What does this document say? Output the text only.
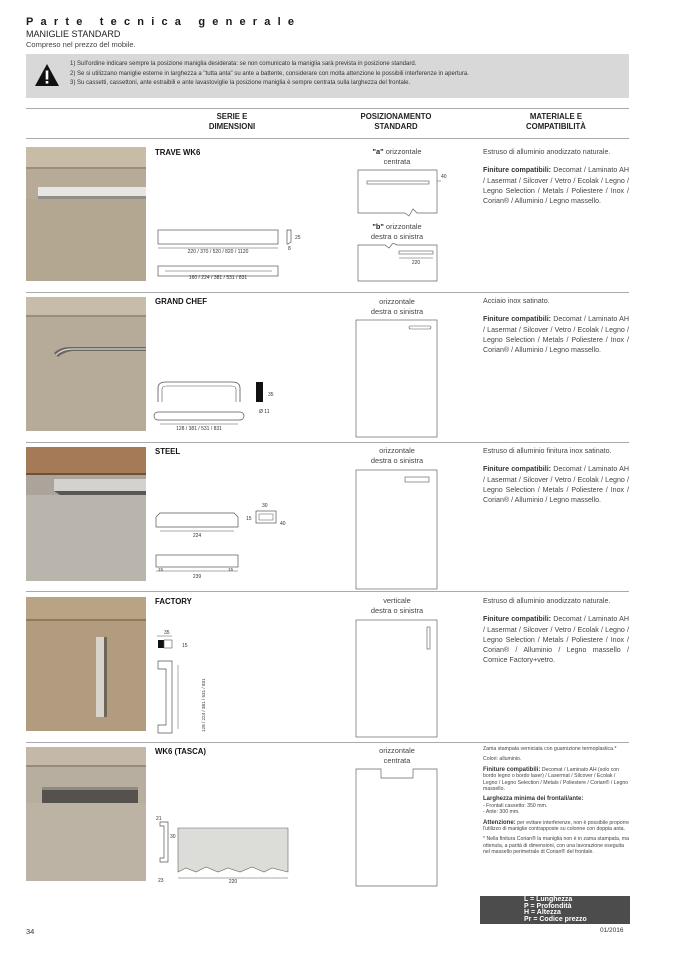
Parte tecnica generale
MANIGLIE STANDARD
Compreso nel prezzo del mobile.
1) Sull'ordine indicare sempre la posizione maniglia desiderata: se non comunicato la maniglia sarà prevista in posizione standard.
2) Se si utilizzano maniglie esterne in larghezza a "tutta anta" su ante a battente, considerare con molta attenzione le possibili interferenze in apertura.
3) Su cassetti, cassettoni, ante estraibili e ante lavastoviglie la posizione maniglia è sempre centrata sulla larghezza del frontale.
SERIE E
DIMENSIONI
POSIZIONAMENTO
STANDARD
MATERIALE E
COMPATIBILITÀ
TRAVE WK6
220 / 370 / 520 / 820 / 1120
25
8
160 / 224 / 381 / 531 / 831
"a" orizzontale
centrata
40
"b" orizzontale
destra o sinistra
220
Estruso di alluminio anodizzato naturale.
Finiture compatibili: Decomat / Laminato AH / Lasermat / Silcover / Vetro / Ecolak / Legno / Legno Selection / Metals / Poliestere / Inox / Corian® / Alluminio / Legno massello.
GRAND CHEF
35
Ø 11
128 / 381 / 531 / 831
orizzontale
destra o sinistra
Acciaio inox satinato.
Finiture compatibili: Decomat / Laminato AH / Lasermat / Silcover / Vetro / Ecolak / Legno / Legno Selection / Metals / Poliestere / Inox / Corian® / Alluminio / Legno massello.
STEEL
224
30
15
40
15	15
239
orizzontale
destra o sinistra
Estruso di alluminio finitura inox satinato.
Finiture compatibili: Decomat / Laminato AH / Lasermat / Silcover / Vetro / Ecolak / Legno / Legno Selection / Metals / Poliestere / Inox / Corian® / Alluminio / Legno massello.
FACTORY
35
15
128 / 224 / 381 / 531 / 831
verticale
destra o sinistra
Estruso di alluminio anodizzato naturale.
Finiture compatibili: Decomat / Laminato AH / Lasermat / Silcover / Vetro / Ecolak / Legno / Legno Selection / Metals / Poliestere / Inox / Corian® / Alluminio / Legno massello / Cornice Factory+vetro.
WK6 (TASCA)
21
30
23	220
orizzontale
centrata

Zama stampata verniciata con guarnizione termoplastica.*

Colori: alluminio.

Finiture compatibili: Decomat / Laminato AH (solo con bordo legno o bordo laser) / Lasermat / Silcover / Ecolak / Legno / Legno Selection / Metals / Poliestere / Corian® / Legno massello.

Larghezza minima dei frontali/ante:
- Frontali cassetto: 350 mm.
- Ante: 300 mm.

Attenzione: per evitare interferenze, non è possibile proporre l'utilizzo di maniglie contrapposte su colonne con doppia anta.

* Nella finitura Corian® la maniglia non è in zama stampata, ma ottenuta, a parità di dimensioni, con una lavorazione eseguita nel massello perimetrale di Corian® del frontale.

L = Lunghezza
P = Profondità
H = Altezza
Pr = Codice prezzo
34	01/2016
